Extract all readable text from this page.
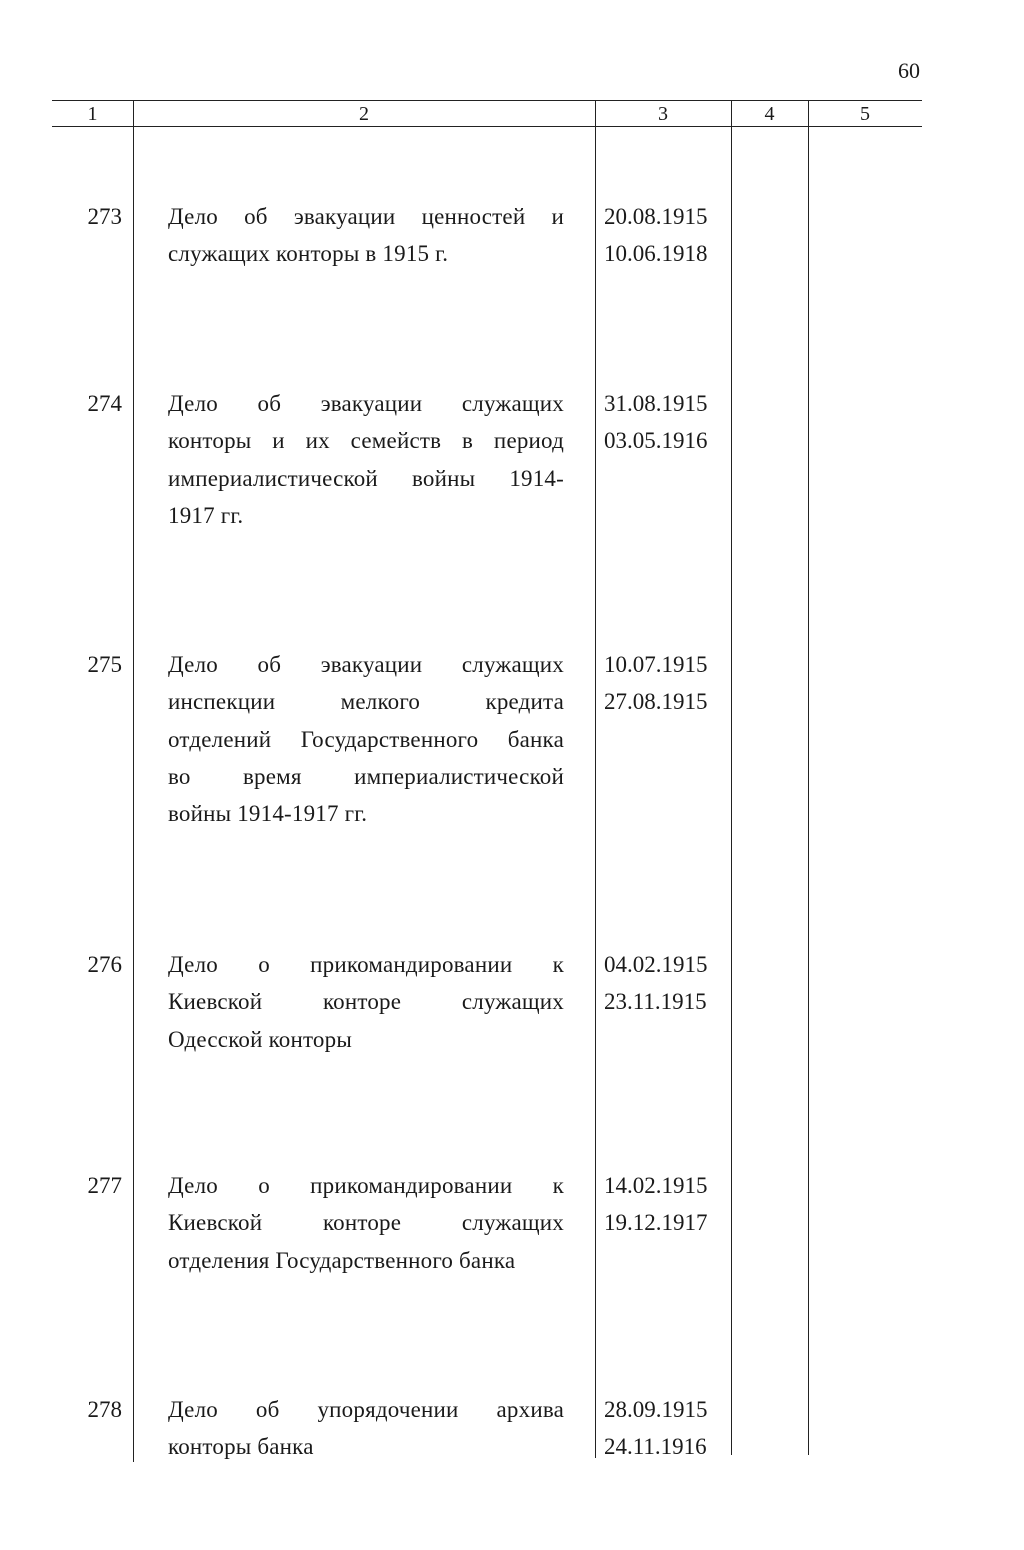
60
1	2	3	4	5
273 Дело об эвакуации ценностей и
служащих конторы в 1915 г.
20.08.1915
10.06.1918
274 Дело об эвакуации служащих
конторы и их семейств в период
империалистической войны 1914-
1917 гг.
31.08.1915
03.05.1916
275 Дело об эвакуации служащих
инспекции мелкого кредита
отделений Государственного банка
во время империалистической
войны 1914-1917 гг.
10.07.1915
27.08.1915
276 Дело о прикомандировании к
Киевской конторе служащих
Одесской конторы
04.02.1915
23.11.1915
277 Дело о прикомандировании к
Киевской конторе служащих
отделения Государственного банка
14.02.1915
19.12.1917
278 Дело об упорядочении архива
конторы банка
28.09.1915
24.11.1916
